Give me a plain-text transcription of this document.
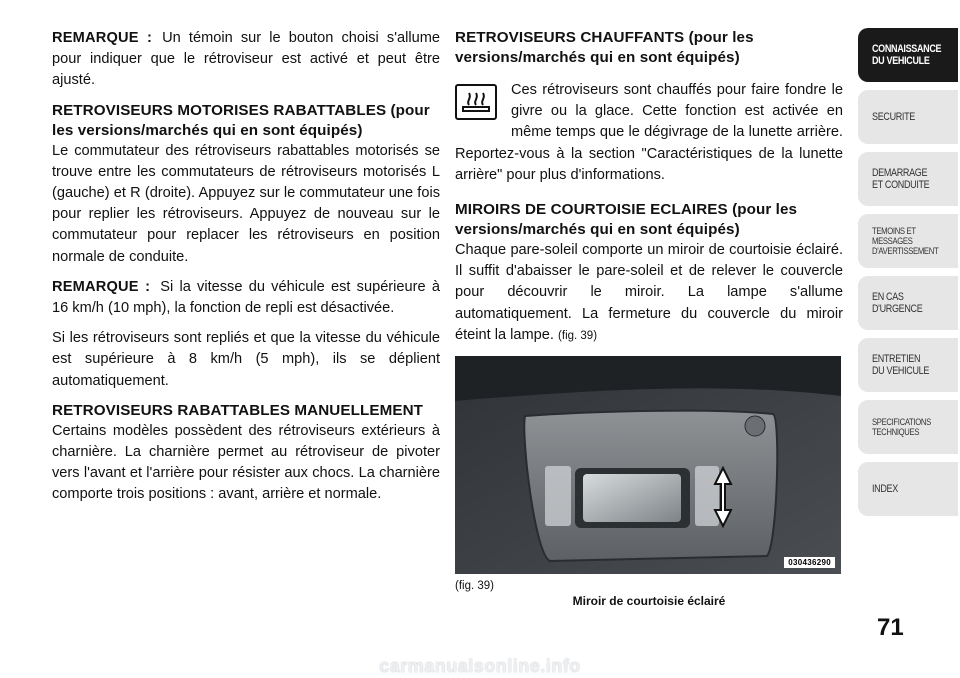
REMARQUE : Un témoin sur le bouton choisi s'allume pour indiquer que le rétroviseur est activé et peut être ajusté.

RETROVISEURS MOTORISES RABATTABLES (pour les versions/marchés qui en sont équipés)

Le commutateur des rétroviseurs rabattables motorisés se trouve entre les commutateurs de rétroviseurs motorisés L (gauche) et R (droite). Appuyez sur le commutateur une fois pour replier les rétroviseurs. Appuyez de nouveau sur le commutateur pour replacer les rétroviseurs en position normale de conduite.

REMARQUE : Si la vitesse du véhicule est supérieure à 16 km/h (10 mph), la fonction de repli est désactivée.

Si les rétroviseurs sont repliés et que la vitesse du véhicule est supérieure à 8 km/h (5 mph), ils se déplient automatiquement.

RETROVISEURS RABATTABLES MANUELLEMENT

Certains modèles possèdent des rétroviseurs extérieurs à charnière. La charnière permet au rétroviseur de pivoter vers l'avant et l'arrière pour résister aux chocs. La charnière comporte trois positions : avant, arrière et normale.

RETROVISEURS CHAUFFANTS (pour les versions/marchés qui en sont équipés)

Ces rétroviseurs sont chauffés pour faire fondre le givre ou la glace. Cette fonction est activée en même temps que le dégivrage de la lunette arrière. Reportez-vous à la section "Caractéristiques de la lunette arrière" pour plus d'informations.

MIROIRS DE COURTOISIE ECLAIRES (pour les versions/marchés qui en sont équipés)

Chaque pare-soleil comporte un miroir de courtoisie éclairé. Il suffit d'abaisser le pare-soleil et de relever le couvercle pour découvrir le miroir. La lampe s'allume automatiquement. La fermeture du couvercle du miroir éteint la lampe. (fig. 39)

030436290
(fig. 39)
Miroir de courtoisie éclairé
CONNAISSANCE
DU VEHICULE
SECURITE
DEMARRAGE
ET CONDUITE
TEMOINS ET
MESSAGES
D'AVERTISSEMENT
EN CAS
D'URGENCE
ENTRETIEN
DU VEHICULE
SPECIFICATIONS
TECHNIQUES
INDEX
71
carmanualsonline.info
